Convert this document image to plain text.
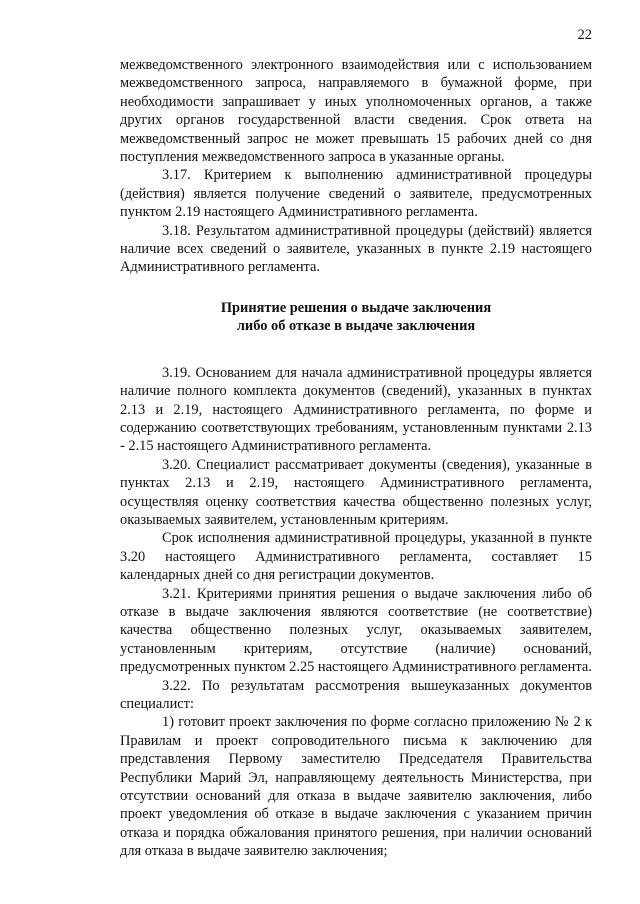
22

межведомственного электронного взаимодействия или с использованием межведомственного запроса, направляемого в бумажной форме, при необходимости запрашивает у иных уполномоченных органов, а также других органов государственной власти сведения. Срок ответа на межведомственный запрос не может превышать 15 рабочих дней со дня поступления межведомственного запроса в указанные органы.

3.17. Критерием к выполнению административной процедуры (действия) является получение сведений о заявителе, предусмотренных пунктом 2.19 настоящего Административного регламента.

3.18. Результатом административной процедуры (действий) является наличие всех сведений о заявителе, указанных в пункте 2.19 настоящего Административного регламента.

Принятие решения о выдаче заключения
либо об отказе в выдаче заключения

3.19. Основанием для начала административной процедуры является наличие полного комплекта документов (сведений), указанных в пунктах 2.13 и 2.19, настоящего Административного регламента, по форме и содержанию соответствующих требованиям, установленным пунктами 2.13 - 2.15 настоящего Административного регламента.

3.20. Специалист рассматривает документы (сведения), указанные в пунктах 2.13 и 2.19, настоящего Административного регламента, осуществляя оценку соответствия качества общественно полезных услуг, оказываемых заявителем, установленным критериям.

Срок исполнения административной процедуры, указанной в пункте 3.20 настоящего Административного регламента, составляет 15 календарных дней со дня регистрации документов.

3.21. Критериями принятия решения о выдаче заключения либо об отказе в выдаче заключения являются соответствие (не соответствие) качества общественно полезных услуг, оказываемых заявителем, установленным критериям, отсутствие (наличие) оснований, предусмотренных пунктом 2.25 настоящего Административного регламента.

3.22. По результатам рассмотрения вышеуказанных документов специалист:

1) готовит проект заключения по форме согласно приложению № 2 к Правилам и проект сопроводительного письма к заключению для представления Первому заместителю Председателя Правительства Республики Марий Эл, направляющему деятельность Министерства, при отсутствии оснований для отказа в выдаче заявителю заключения, либо проект уведомления об отказе в выдаче заключения с указанием причин отказа и порядка обжалования принятого решения, при наличии оснований для отказа в выдаче заявителю заключения;
